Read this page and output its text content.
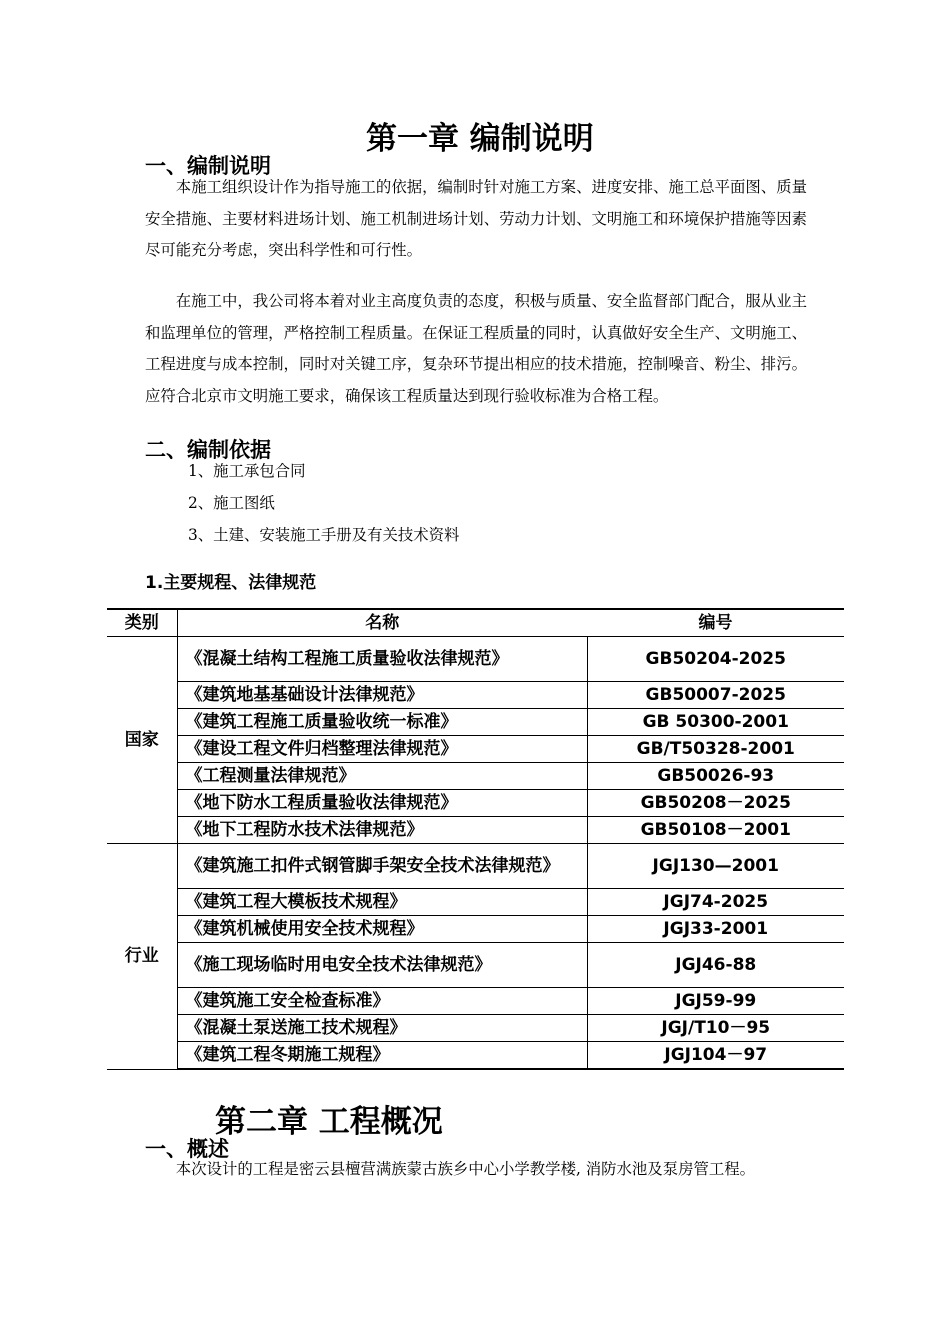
第一章 编制说明
一、编制说明
本施工组织设计作为指导施工的依据，编制时针对施工方案、进度安排、施工总平面图、质量安全措施、主要材料进场计划、施工机制进场计划、劳动力计划、文明施工和环境保护措施等因素尽可能充分考虑，突出科学性和可行性。
在施工中，我公司将本着对业主高度负责的态度，积极与质量、安全监督部门配合，服从业主和监理单位的管理，严格控制工程质量。在保证工程质量的同时，认真做好安全生产、文明施工、工程进度与成本控制，同时对关键工序，复杂环节提出相应的技术措施，控制噪音、粉尘、排污。应符合北京市文明施工要求，确保该工程质量达到现行验收标准为合格工程。
二、编制依据
1、施工承包合同
2、施工图纸
3、土建、安装施工手册及有关技术资料
1.主要规程、法律规范
类别	名称	编号
国家	《混凝土结构工程施工质量验收法律规范》	GB50204-2025
	《建筑地基基础设计法律规范》	GB50007-2025
	《建筑工程施工质量验收统一标准》	GB 50300-2001
	《建设工程文件归档整理法律规范》	GB/T50328-2001
	《工程测量法律规范》	GB50026-93
	《地下防水工程质量验收法律规范》	GB50208－2025
	《地下工程防水技术法律规范》	GB50108－2001
行业	《建筑施工扣件式钢管脚手架安全技术法律规范》	JGJ130—2001
	《建筑工程大模板技术规程》	JGJ74-2025
	《建筑机械使用安全技术规程》	JGJ33-2001
	《施工现场临时用电安全技术法律规范》	JGJ46-88
	《建筑施工安全检查标准》	JGJ59-99
	《混凝土泵送施工技术规程》	JGJ/T10－95
	《建筑工程冬期施工规程》	JGJ104－97
第二章 工程概况
一、概述
本次设计的工程是密云县檀营满族蒙古族乡中心小学教学楼, 消防水池及泵房管工程。
